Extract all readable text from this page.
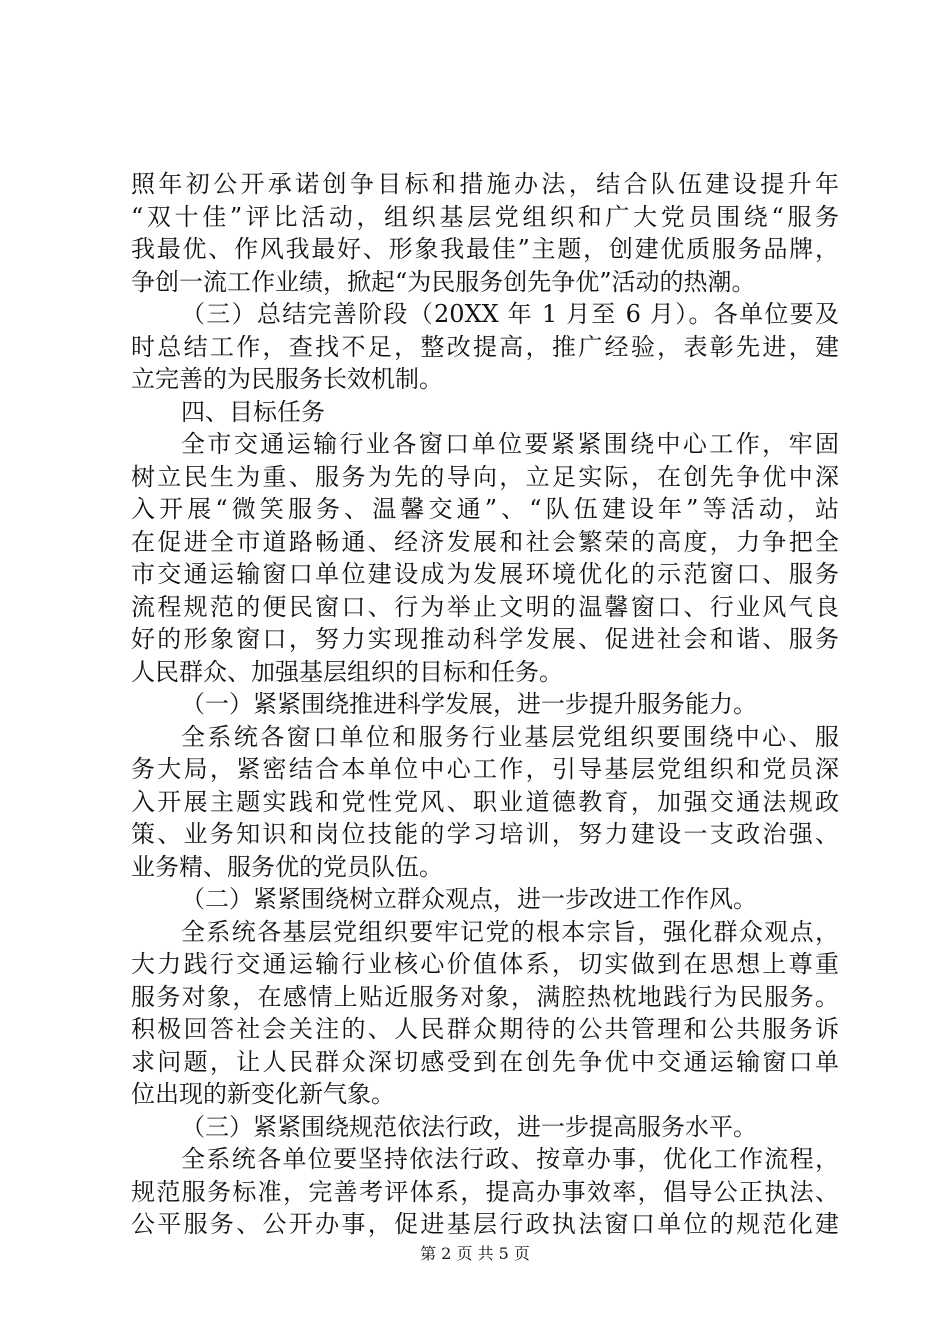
照年初公开承诺创争目标和措施办法，结合队伍建设提升年
“双十佳”评比活动，组织基层党组织和广大党员围绕“服务
我最优、作风我最好、形象我最佳”主题，创建优质服务品牌，
争创一流工作业绩，掀起“为民服务创先争优”活动的热潮。
（三）总结完善阶段（20XX 年 1 月至 6 月）。各单位要及
时总结工作，查找不足，整改提高，推广经验，表彰先进，建
立完善的为民服务长效机制。
四、目标任务
全市交通运输行业各窗口单位要紧紧围绕中心工作，牢固
树立民生为重、服务为先的导向，立足实际，在创先争优中深
入开展“微笑服务、温馨交通”、“队伍建设年”等活动，站
在促进全市道路畅通、经济发展和社会繁荣的高度，力争把全
市交通运输窗口单位建设成为发展环境优化的示范窗口、服务
流程规范的便民窗口、行为举止文明的温馨窗口、行业风气良
好的形象窗口，努力实现推动科学发展、促进社会和谐、服务
人民群众、加强基层组织的目标和任务。
（一）紧紧围绕推进科学发展，进一步提升服务能力。
全系统各窗口单位和服务行业基层党组织要围绕中心、服
务大局，紧密结合本单位中心工作，引导基层党组织和党员深
入开展主题实践和党性党风、职业道德教育，加强交通法规政
策、业务知识和岗位技能的学习培训，努力建设一支政治强、
业务精、服务优的党员队伍。
（二）紧紧围绕树立群众观点，进一步改进工作作风。
全系统各基层党组织要牢记党的根本宗旨，强化群众观点，
大力践行交通运输行业核心价值体系，切实做到在思想上尊重
服务对象，在感情上贴近服务对象，满腔热枕地践行为民服务。
积极回答社会关注的、人民群众期待的公共管理和公共服务诉
求问题，让人民群众深切感受到在创先争优中交通运输窗口单
位出现的新变化新气象。
（三）紧紧围绕规范依法行政，进一步提高服务水平。
全系统各单位要坚持依法行政、按章办事，优化工作流程，
规范服务标准，完善考评体系，提高办事效率，倡导公正执法、
公平服务、公开办事，促进基层行政执法窗口单位的规范化建
第 2 页 共 5 页
